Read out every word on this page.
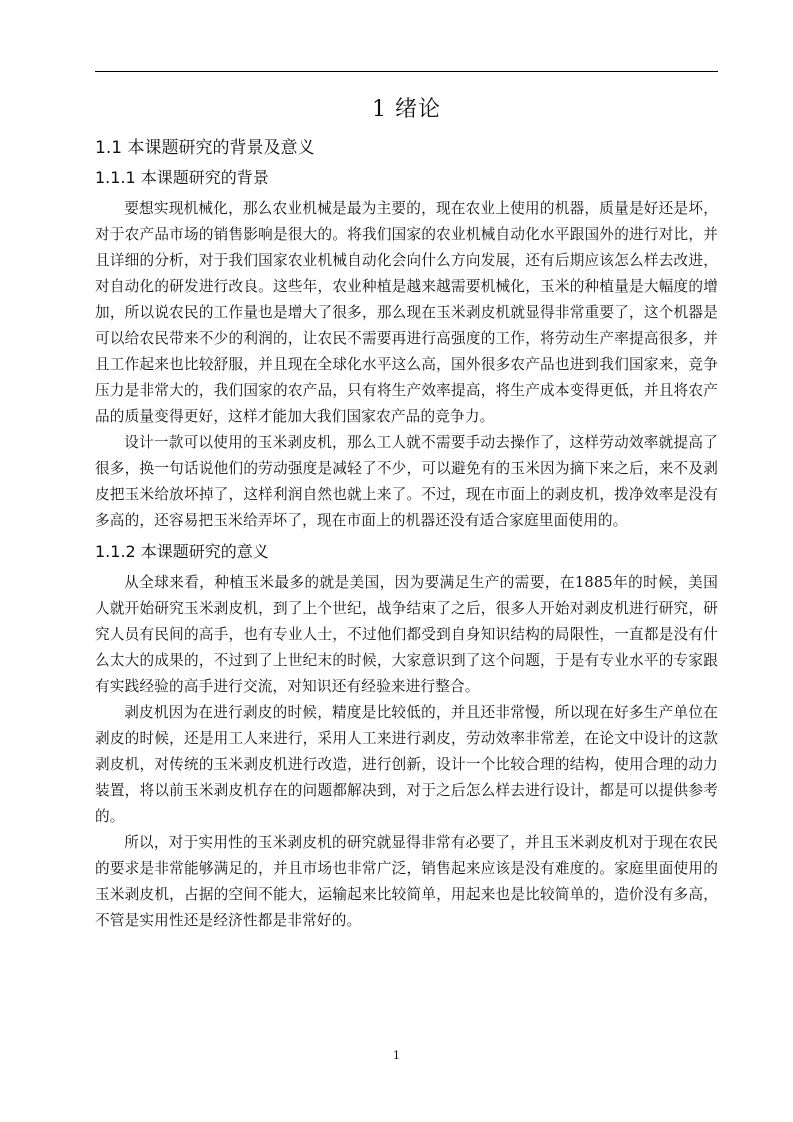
1 绪论
1.1 本课题研究的背景及意义
1.1.1 本课题研究的背景

要想实现机械化，那么农业机械是最为主要的，现在农业上使用的机器，质量是好还是坏，对于农产品市场的销售影响是很大的。将我们国家的农业机械自动化水平跟国外的进行对比，并且详细的分析，对于我们国家农业机械自动化会向什么方向发展，还有后期应该怎么样去改进，对自动化的研发进行改良。这些年，农业种植是越来越需要机械化，玉米的种植量是大幅度的增加，所以说农民的工作量也是增大了很多，那么现在玉米剥皮机就显得非常重要了，这个机器是可以给农民带来不少的利润的，让农民不需要再进行高强度的工作，将劳动生产率提高很多，并且工作起来也比较舒服，并且现在全球化水平这么高，国外很多农产品也进到我们国家来，竞争压力是非常大的，我们国家的农产品，只有将生产效率提高，将生产成本变得更低，并且将农产品的质量变得更好，这样才能加大我们国家农产品的竞争力。

设计一款可以使用的玉米剥皮机，那么工人就不需要手动去操作了，这样劳动效率就提高了很多，换一句话说他们的劳动强度是减轻了不少，可以避免有的玉米因为摘下来之后，来不及剥皮把玉米给放坏掉了，这样利润自然也就上来了。不过，现在市面上的剥皮机，拨净效率是没有多高的，还容易把玉米给弄坏了，现在市面上的机器还没有适合家庭里面使用的。

1.1.2 本课题研究的意义

从全球来看，种植玉米最多的就是美国，因为要满足生产的需要，在1885年的时候，美国人就开始研究玉米剥皮机，到了上个世纪，战争结束了之后，很多人开始对剥皮机进行研究，研究人员有民间的高手，也有专业人士，不过他们都受到自身知识结构的局限性，一直都是没有什么太大的成果的，不过到了上世纪末的时候，大家意识到了这个问题，于是有专业水平的专家跟有实践经验的高手进行交流，对知识还有经验来进行整合。

剥皮机因为在进行剥皮的时候，精度是比较低的，并且还非常慢，所以现在好多生产单位在剥皮的时候，还是用工人来进行，采用人工来进行剥皮，劳动效率非常差，在论文中设计的这款剥皮机，对传统的玉米剥皮机进行改造，进行创新，设计一个比较合理的结构，使用合理的动力装置，将以前玉米剥皮机存在的问题都解决到，对于之后怎么样去进行设计，都是可以提供参考的。

所以，对于实用性的玉米剥皮机的研究就显得非常有必要了，并且玉米剥皮机对于现在农民的要求是非常能够满足的，并且市场也非常广泛，销售起来应该是没有难度的。家庭里面使用的玉米剥皮机，占据的空间不能大，运输起来比较简单，用起来也是比较简单的，造价没有多高，不管是实用性还是经济性都是非常好的。

1
